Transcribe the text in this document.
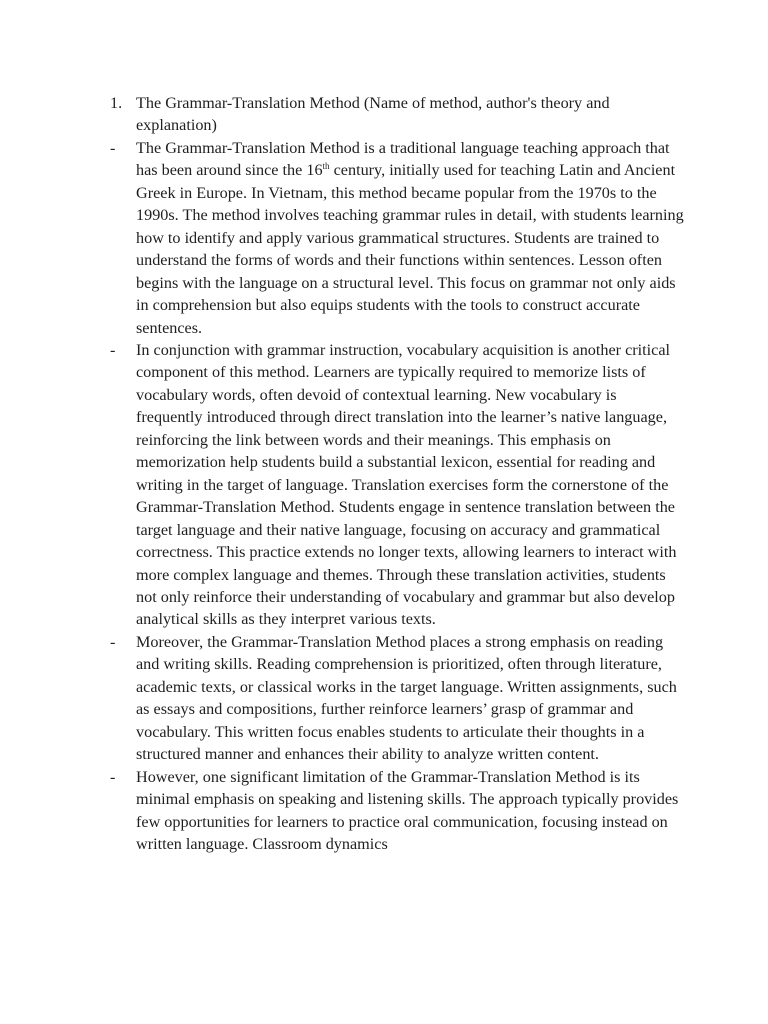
1. The Grammar-Translation Method (Name of method, author's theory and explanation)
- The Grammar-Translation Method is a traditional language teaching approach that has been around since the 16th century, initially used for teaching Latin and Ancient Greek in Europe. In Vietnam, this method became popular from the 1970s to the 1990s. The method involves teaching grammar rules in detail, with students learning how to identify and apply various grammatical structures. Students are trained to understand the forms of words and their functions within sentences. Lesson often begins with the language on a structural level. This focus on grammar not only aids in comprehension but also equips students with the tools to construct accurate sentences.
- In conjunction with grammar instruction, vocabulary acquisition is another critical component of this method. Learners are typically required to memorize lists of vocabulary words, often devoid of contextual learning. New vocabulary is frequently introduced through direct translation into the learner’s native language, reinforcing the link between words and their meanings. This emphasis on memorization help students build a substantial lexicon, essential for reading and writing in the target of language. Translation exercises form the cornerstone of the Grammar-Translation Method. Students engage in sentence translation between the target language and their native language, focusing on accuracy and grammatical correctness. This practice extends no longer texts, allowing learners to interact with more complex language and themes. Through these translation activities, students not only reinforce their understanding of vocabulary and grammar but also develop analytical skills as they interpret various texts.
- Moreover, the Grammar-Translation Method places a strong emphasis on reading and writing skills. Reading comprehension is prioritized, often through literature, academic texts, or classical works in the target language. Written assignments, such as essays and compositions, further reinforce learners’ grasp of grammar and vocabulary. This written focus enables students to articulate their thoughts in a structured manner and enhances their ability to analyze written content.
- However, one significant limitation of the Grammar-Translation Method is its minimal emphasis on speaking and listening skills. The approach typically provides few opportunities for learners to practice oral communication, focusing instead on written language. Classroom dynamics
